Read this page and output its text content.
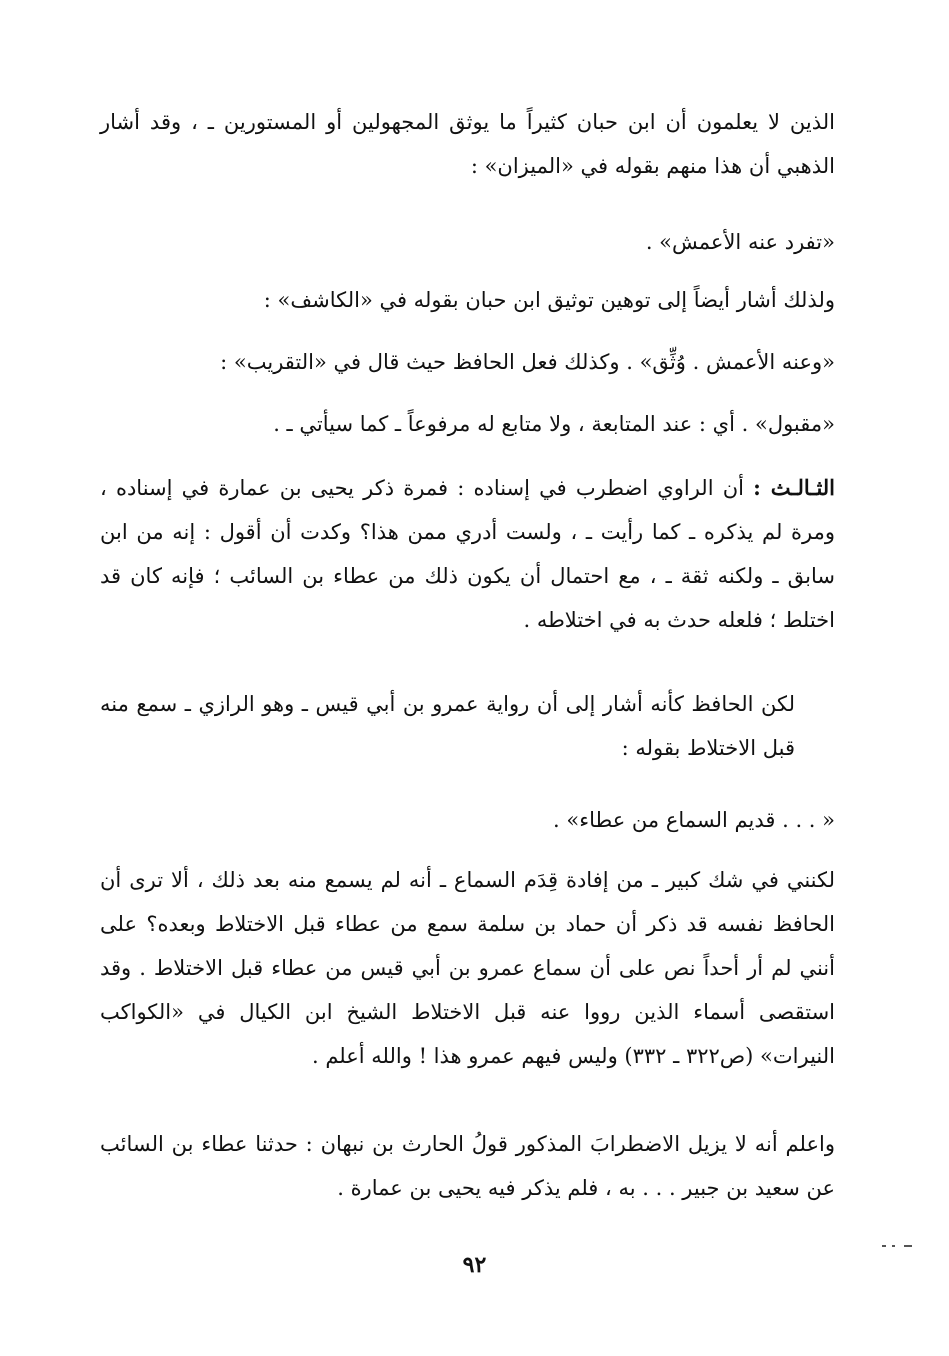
الذين لا يعلمون أن ابن حبان كثيراً ما يوثق المجهولين أو المستورين ـ ، وقد أشار الذهبي أن هذا منهم بقوله في «الميزان» :

«تفرد عنه الأعمش» .

ولذلك أشار أيضاً إلى توهين توثيق ابن حبان بقوله في «الكاشف» :

«وعنه الأعمش . وُثِّق» . وكذلك فعل الحافظ حيث قال في «التقريب» :

«مقبول» . أي : عند المتابعة ، ولا متابع له مرفوعاً ـ كما سيأتي ـ .

الثـالـث : أن الراوي اضطرب في إسناده : فمرة ذكر يحيى بن عمارة في إسناده ، ومرة لم يذكره ـ كما رأيت ـ ، ولست أدري ممن هذا؟ وكدت أن أقول : إنه من ابن سابق ـ ولكنه ثقة ـ ، مع احتمال أن يكون ذلك من عطاء بن السائب ؛ فإنه كان قد اختلط ؛ فلعله حدث به في اختلاطه .

لكن الحافظ كأنه أشار إلى أن رواية عمرو بن أبي قيس ـ وهو الرازي ـ سمع منه قبل الاختلاط بقوله :

« . . . قديم السماع من عطاء» .

لكنني في شك كبير ـ من إفادة قِدَم السماع ـ أنه لم يسمع منه بعد ذلك ، ألا ترى أن الحافظ نفسه قد ذكر أن حماد بن سلمة سمع من عطاء قبل الاختلاط وبعده؟ على أنني لم أر أحداً نص على أن سماع عمرو بن أبي قيس من عطاء قبل الاختلاط . وقد استقصى أسماء الذين رووا عنه قبل الاختلاط الشيخ ابن الكيال في «الكواكب النيرات» (ص٣٢٢ ـ ٣٣٢) وليس فيهم عمرو هذا ! والله أعلم .

واعلم أنه لا يزيل الاضطرابَ المذكور قولُ الحارث بن نبهان : حدثنا عطاء بن السائب عن سعيد بن جبير . . . به ، فلم يذكر فيه يحيى بن عمارة .

٩٢
